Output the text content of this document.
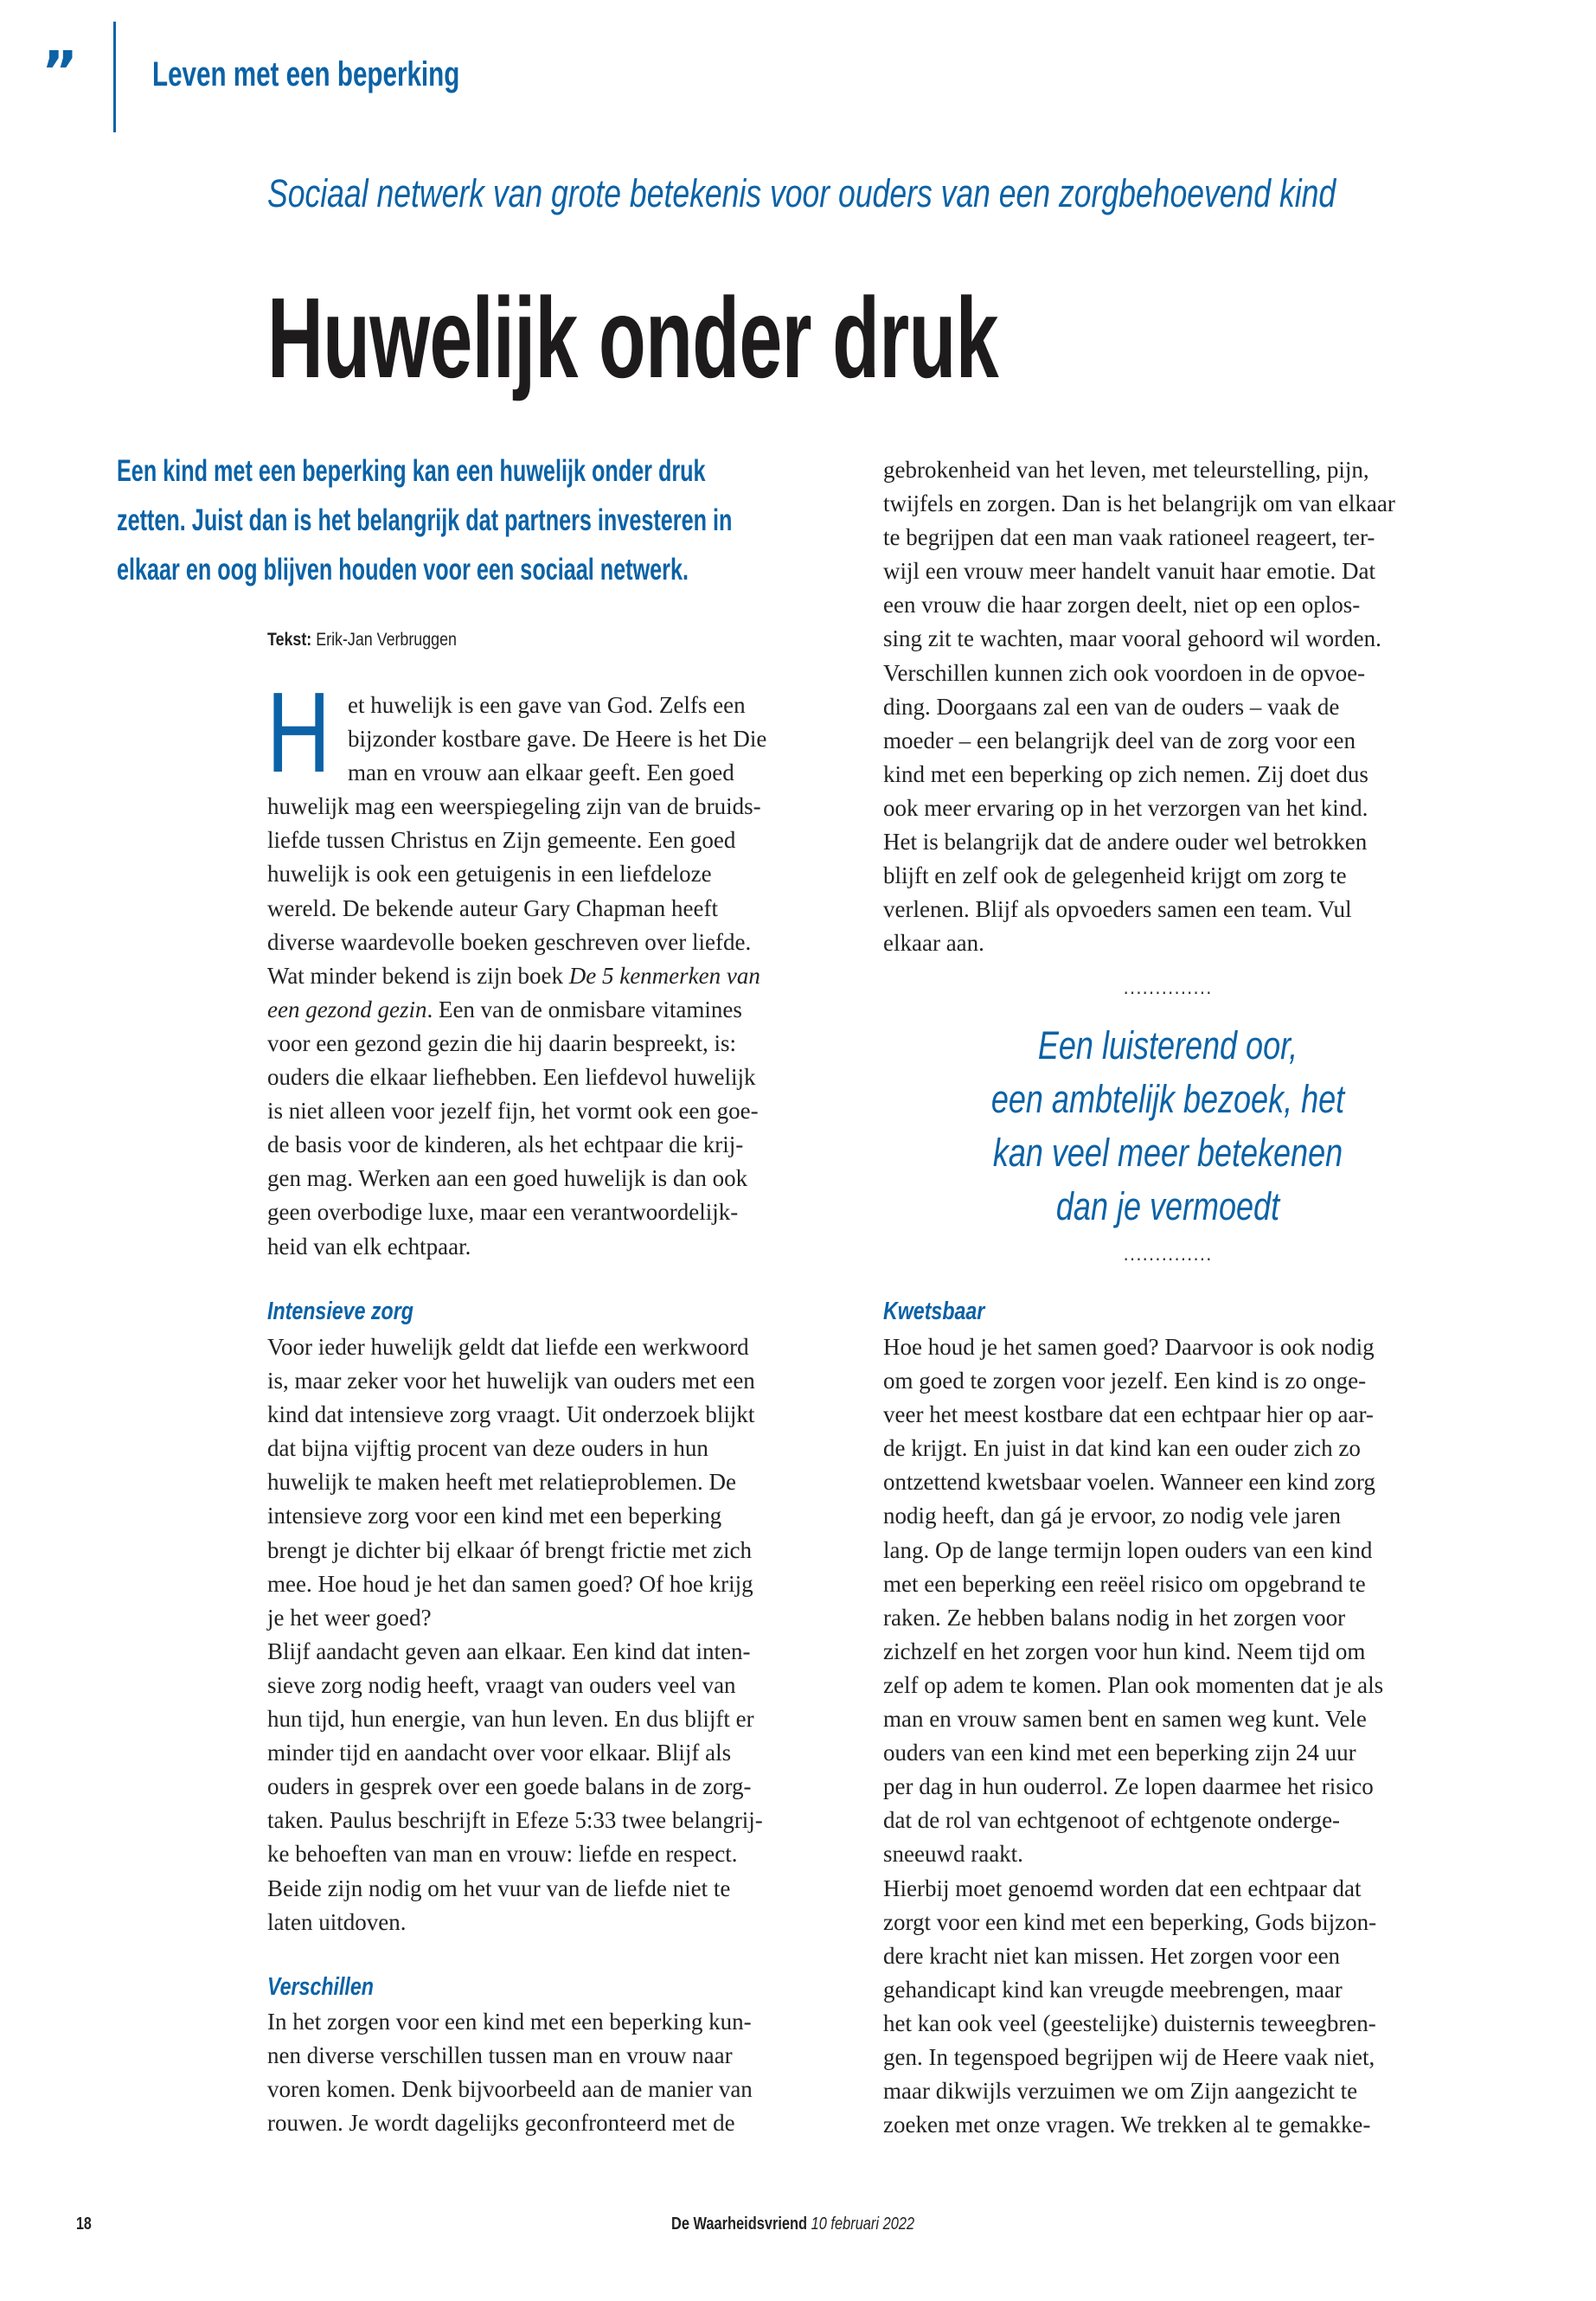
” Leven met een beperking
Sociaal netwerk van grote betekenis voor ouders van een zorgbehoevend kind
Huwelijk onder druk
Een kind met een beperking kan een huwelijk onder druk
zetten. Juist dan is het belangrijk dat partners investeren in
elkaar en oog blijven houden voor een sociaal netwerk.
Tekst: Erik-Jan Verbruggen
H et huwelijk is een gave van God. Zelfs een
bijzonder kostbare gave. De Heere is het Die
man en vrouw aan elkaar geeft. Een goed
huwelijk mag een weerspiegeling zijn van de bruids-
liefde tussen Christus en Zijn gemeente. Een goed
huwelijk is ook een getuigenis in een liefdeloze
wereld. De bekende auteur Gary Chapman heeft
diverse waardevolle boeken geschreven over liefde.
Wat minder bekend is zijn boek De 5 kenmerken van
een gezond gezin. Een van de onmisbare vitamines
voor een gezond gezin die hij daarin bespreekt, is:
ouders die elkaar liefhebben. Een liefdevol huwelijk
is niet alleen voor jezelf fijn, het vormt ook een goe-
de basis voor de kinderen, als het echtpaar die krij-
gen mag. Werken aan een goed huwelijk is dan ook
geen overbodige luxe, maar een verantwoordelijk-
heid van elk echtpaar.
Intensieve zorg
Voor ieder huwelijk geldt dat liefde een werkwoord
is, maar zeker voor het huwelijk van ouders met een
kind dat intensieve zorg vraagt. Uit onderzoek blijkt
dat bijna vijftig procent van deze ouders in hun
huwelijk te maken heeft met relatieproblemen. De
intensieve zorg voor een kind met een beperking
brengt je dichter bij elkaar óf brengt frictie met zich
mee. Hoe houd je het dan samen goed? Of hoe krijg
je het weer goed?
Blijf aandacht geven aan elkaar. Een kind dat inten-
sieve zorg nodig heeft, vraagt van ouders veel van
hun tijd, hun energie, van hun leven. En dus blijft er
minder tijd en aandacht over voor elkaar. Blijf als
ouders in gesprek over een goede balans in de zorg-
taken. Paulus beschrijft in Efeze 5:33 twee belangrij-
ke behoeften van man en vrouw: liefde en respect.
Beide zijn nodig om het vuur van de liefde niet te
laten uitdoven.
Verschillen
In het zorgen voor een kind met een beperking kun-
nen diverse verschillen tussen man en vrouw naar
voren komen. Denk bijvoorbeeld aan de manier van
rouwen. Je wordt dagelijks geconfronteerd met de
gebrokenheid van het leven, met teleurstelling, pijn,
twijfels en zorgen. Dan is het belangrijk om van elkaar
te begrijpen dat een man vaak rationeel reageert, ter-
wijl een vrouw meer handelt vanuit haar emotie. Dat
een vrouw die haar zorgen deelt, niet op een oplos-
sing zit te wachten, maar vooral gehoord wil worden.
Verschillen kunnen zich ook voordoen in de opvoe-
ding. Doorgaans zal een van de ouders – vaak de
moeder – een belangrijk deel van de zorg voor een
kind met een beperking op zich nemen. Zij doet dus
ook meer ervaring op in het verzorgen van het kind.
Het is belangrijk dat de andere ouder wel betrokken
blijft en zelf ook de gelegenheid krijgt om zorg te
verlenen. Blijf als opvoeders samen een team. Vul
elkaar aan.
..............
Een luisterend oor,
een ambtelijk bezoek, het
kan veel meer betekenen
dan je vermoedt
..............
Kwetsbaar
Hoe houd je het samen goed? Daarvoor is ook nodig
om goed te zorgen voor jezelf. Een kind is zo onge-
veer het meest kostbare dat een echtpaar hier op aar-
de krijgt. En juist in dat kind kan een ouder zich zo
ontzettend kwetsbaar voelen. Wanneer een kind zorg
nodig heeft, dan gá je ervoor, zo nodig vele jaren
lang. Op de lange termijn lopen ouders van een kind
met een beperking een reëel risico om opgebrand te
raken. Ze hebben balans nodig in het zorgen voor
zichzelf en het zorgen voor hun kind. Neem tijd om
zelf op adem te komen. Plan ook momenten dat je als
man en vrouw samen bent en samen weg kunt. Vele
ouders van een kind met een beperking zijn 24 uur
per dag in hun ouderrol. Ze lopen daarmee het risico
dat de rol van echtgenoot of echtgenote onderge-
sneeuwd raakt.
Hierbij moet genoemd worden dat een echtpaar dat
zorgt voor een kind met een beperking, Gods bijzon-
dere kracht niet kan missen. Het zorgen voor een
gehandicapt kind kan vreugde meebrengen, maar
het kan ook veel (geestelijke) duisternis teweegbren-
gen. In tegenspoed begrijpen wij de Heere vaak niet,
maar dikwijls verzuimen we om Zijn aangezicht te
zoeken met onze vragen. We trekken al te gemakke-
18	De Waarheidsvriend 10 februari 2022
